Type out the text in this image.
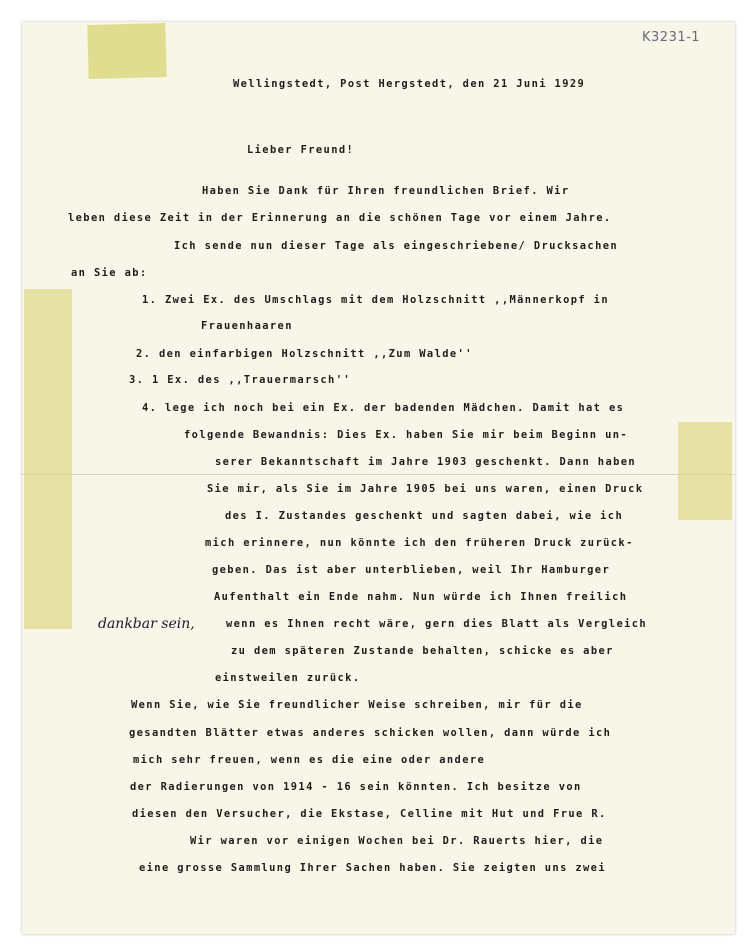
K3231-1

Wellingstedt, Post Hergstedt, den 21 Juni 1929

Lieber Freund!

Haben Sie Dank für Ihren freundlichen Brief. Wir

leben diese Zeit in der Erinnerung an die schönen Tage vor einem Jahre.

Ich sende nun dieser Tage als eingeschriebene/ Drucksachen

an Sie ab:

1. Zwei Ex. des Umschlags mit dem Holzschnitt ,,Männerkopf in

Frauenhaaren

2. den einfarbigen Holzschnitt ,,Zum Walde''

3. 1 Ex. des ,,Trauermarsch''

4. lege ich noch bei ein Ex. der badenden Mädchen. Damit hat es

folgende Bewandnis: Dies Ex. haben Sie mir beim Beginn un-

serer Bekanntschaft im Jahre 1903 geschenkt. Dann haben

Sie mir, als Sie im Jahre 1905 bei uns waren, einen Druck

des I. Zustandes geschenkt und sagten dabei, wie ich

mich erinnere, nun könnte ich den früheren Druck zurück-

geben. Das ist aber unterblieben, weil Ihr Hamburger

Aufenthalt ein Ende nahm. Nun würde ich Ihnen freilich

dankbar sein,	wenn es Ihnen recht wäre, gern dies Blatt als Vergleich

zu dem späteren Zustande behalten, schicke es aber

einstweilen zurück.

Wenn Sie, wie Sie freundlicher Weise schreiben, mir für die

gesandten Blätter etwas anderes schicken wollen, dann würde ich

mich sehr freuen, wenn es die eine oder andere

der Radierungen von 1914 - 16 sein könnten. Ich besitze von

diesen den Versucher, die Ekstase, Celline mit Hut und Frue R.

Wir waren vor einigen Wochen bei Dr. Rauerts hier, die

eine grosse Sammlung Ihrer Sachen haben. Sie zeigten uns zwei
